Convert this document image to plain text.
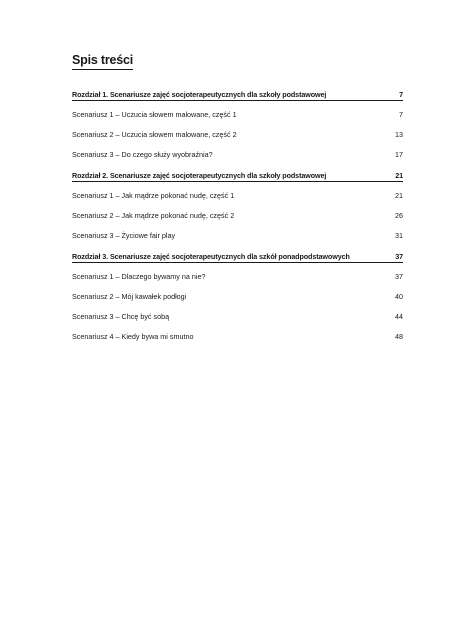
Spis treści
Rozdział 1. Scenariusze zajęć socjoterapeutycznych dla szkoły podstawowej	7
Scenariusz 1 – Uczucia słowem malowane, część 1	7
Scenariusz 2 – Uczucia słowem malowane, część 2	13
Scenariusz 3 – Do czego służy wyobraźnia?	17
Rozdział 2. Scenariusze zajęć socjoterapeutycznych dla szkoły podstawowej	21
Scenariusz 1 – Jak mądrze pokonać nudę, część 1	21
Scenariusz 2 – Jak mądrze pokonać nudę, część 2	26
Scenariusz 3 – Życiowe fair play	31
Rozdział 3. Scenariusze zajęć socjoterapeutycznych dla szkół ponadpodstawowych	37
Scenariusz 1 – Dlaczego bywamy na nie?	37
Scenariusz 2 – Mój kawałek podłogi	40
Scenariusz 3 – Chcę być sobą	44
Scenariusz 4 – Kiedy bywa mi smutno	48
